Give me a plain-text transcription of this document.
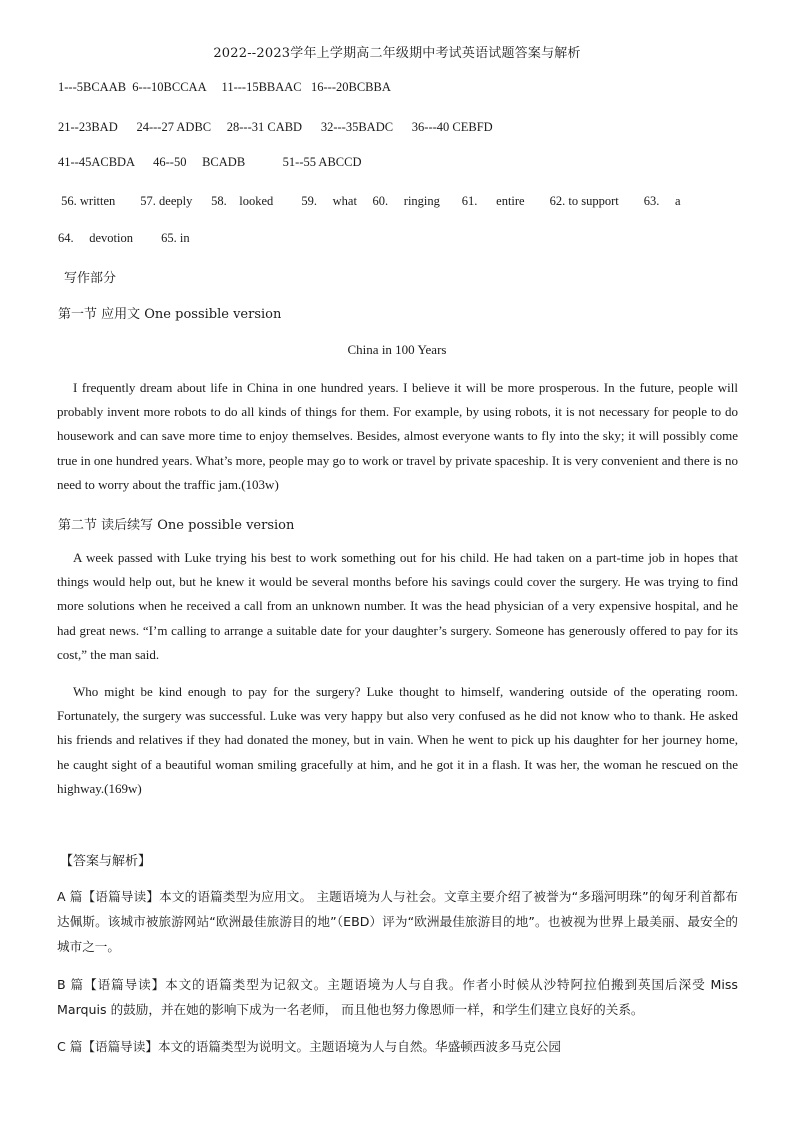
2022--2023学年上学期高二年级期中考试英语试题答案与解析
1---5BCAAB  6---10BCCAA     11---15BBAAC   16---20BCBBA
21--23BAD      24---27 ADBC     28---31 CABD      32---35BADC      36---40 CEBFD
41--45ACBDA      46--50     BCADB            51--55 ABCCD
56. written        57. deeply      58.    looked         59.     what     60.     ringing       61.      entire        62. to support        63.     a
64.     devotion         65. in
写作部分
第一节 应用文 One possible version
China in 100 Years

I frequently dream about life in China in one hundred years. I believe it will be more prosperous. In the future, people will probably invent more robots to do all kinds of things for them. For example, by using robots, it is not necessary for people to do housework and can save more time to enjoy themselves. Besides, almost everyone wants to fly into the sky; it will possibly come true in one hundred years. What’s more, people may go to work or travel by private spaceship. It is very convenient and there is no need to worry about the traffic jam.(103w)

第二节 读后续写 One possible version

A week passed with Luke trying his best to work something out for his child. He had taken on a part-time job in hopes that things would help out, but he knew it would be several months before his savings could cover the surgery. He was trying to find more solutions when he received a call from an unknown number. It was the head physician of a very expensive hospital, and he had great news. “I’m calling to arrange a suitable date for your daughter’s surgery. Someone has generously offered to pay for its cost,” the man said.

Who might be kind enough to pay for the surgery? Luke thought to himself, wandering outside of the operating room. Fortunately, the surgery was successful. Luke was very happy but also very confused as he did not know who to thank. He asked his friends and relatives if they had donated the money, but in vain. When he went to pick up his daughter for her journey home, he caught sight of a beautiful woman smiling gracefully at him, and he got it in a flash. It was her, the woman he rescued on the highway.(169w)

【答案与解析】

A 篇【语篇导读】本文的语篇类型为应用文。 主题语境为人与社会。文章主要介绍了被誉为“多瑙河明珠”的匈牙利首都布达佩斯。该城市被旅游网站“欧洲最佳旅游目的地”（EBD）评为“欧洲最佳旅游目的地”。也被视为世界上最美丽、最安全的城市之一。

B 篇【语篇导读】本文的语篇类型为记叙文。主题语境为人与自我。作者小时候从沙特阿拉伯搬到英国后深受 Miss Marquis 的鼓励，并在她的影响下成为一名老师， 而且他也努力像恩师一样，和学生们建立良好的关系。

C 篇【语篇导读】本文的语篇类型为说明文。主题语境为人与自然。华盛顿西波多马克公园
